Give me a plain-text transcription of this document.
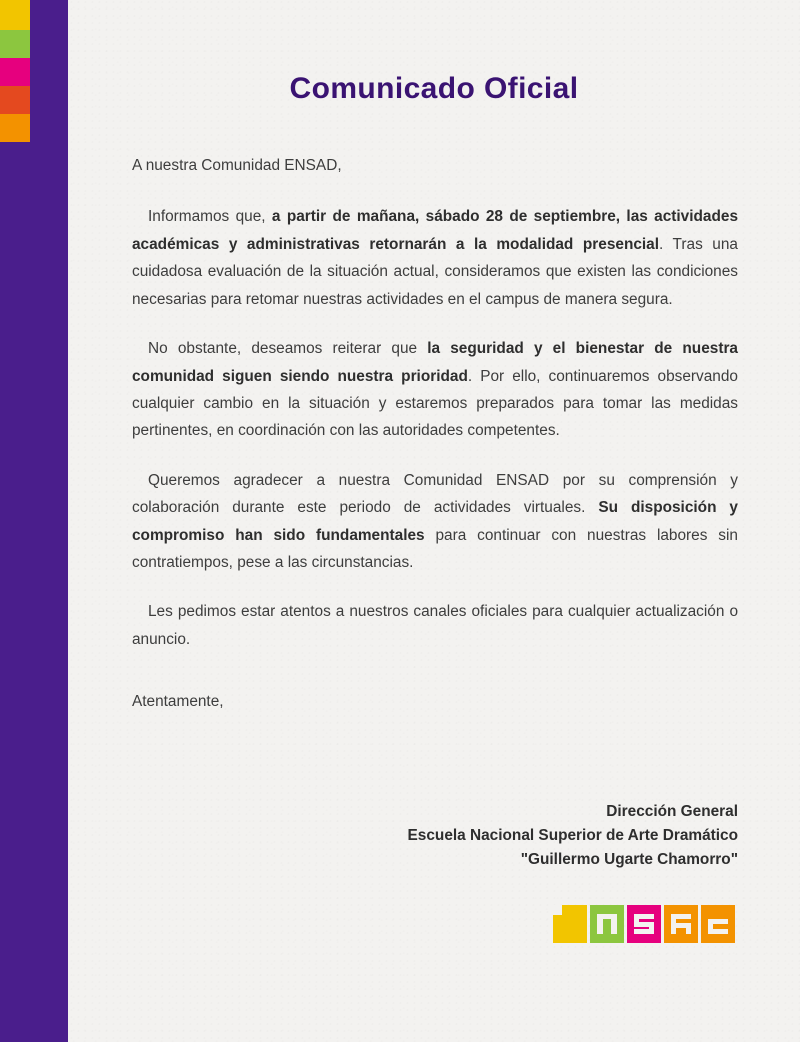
Comunicado Oficial

A nuestra Comunidad ENSAD,

Informamos que, a partir de mañana, sábado 28 de septiembre, las actividades académicas y administrativas retornarán a la modalidad presencial. Tras una cuidadosa evaluación de la situación actual, consideramos que existen las condiciones necesarias para retomar nuestras actividades en el campus de manera segura.

No obstante, deseamos reiterar que la seguridad y el bienestar de nuestra comunidad siguen siendo nuestra prioridad. Por ello, continuaremos observando cualquier cambio en la situación y estaremos preparados para tomar las medidas pertinentes, en coordinación con las autoridades competentes.

Queremos agradecer a nuestra Comunidad ENSAD por su comprensión y colaboración durante este periodo de actividades virtuales. Su disposición y compromiso han sido fundamentales para continuar con nuestras labores sin contratiempos, pese a las circunstancias.

Les pedimos estar atentos a nuestros canales oficiales para cualquier actualización o anuncio.

Atentamente,

Dirección General
Escuela Nacional Superior de Arte Dramático
"Guillermo Ugarte Chamorro"
